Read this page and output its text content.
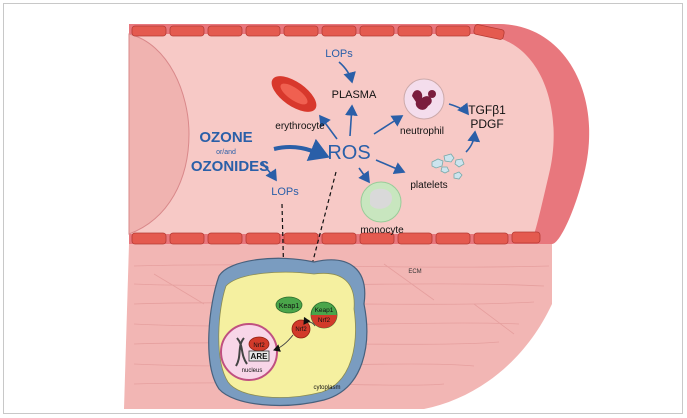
OZONE
or/and
OZONIDES
LOPs
LOPs
PLASMA
erythrocyte
ROS
neutrophil
TGFβ1
PDGF
platelets
monocyte
ECM
Keap1
Keap1
Nrf2
Nrf2
Nrf2
ARE
nucleus
cytoplasm
